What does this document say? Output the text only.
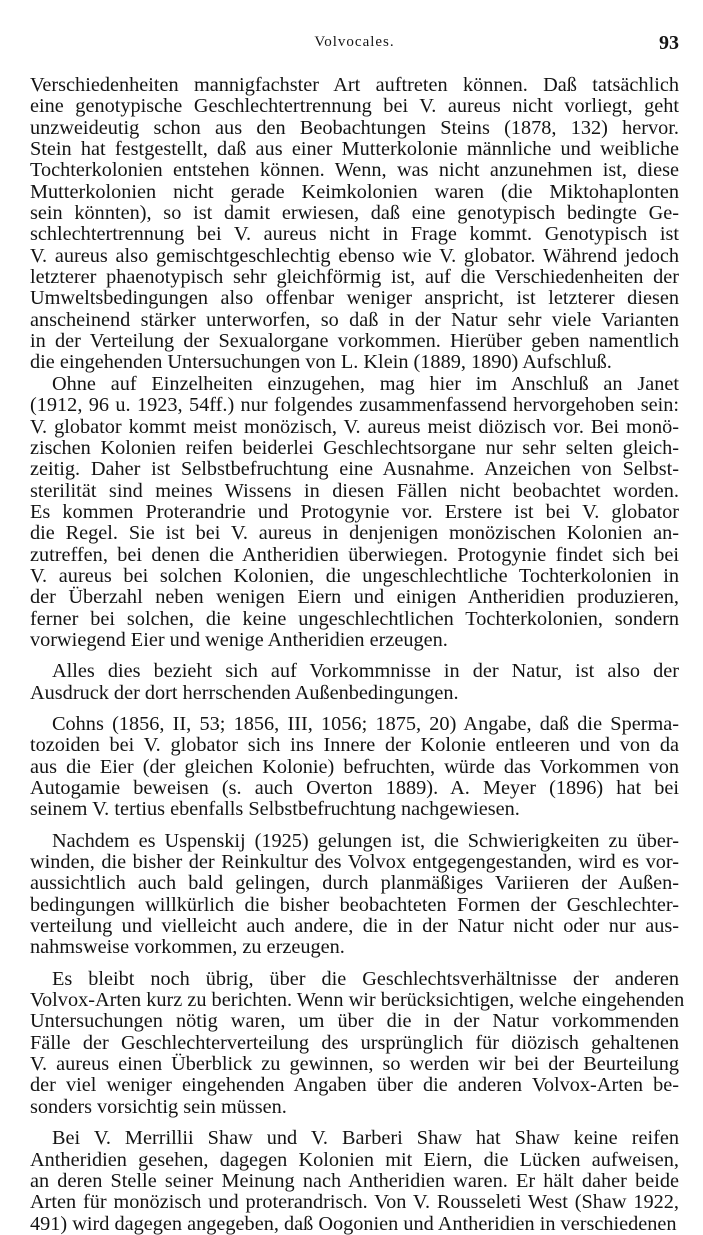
Volvocales.	93
Verschiedenheiten mannigfachster Art auftreten können. Daß tatsächlich
eine genotypische Geschlechtertrennung bei V. aureus nicht vorliegt, geht
unzweideutig schon aus den Beobachtungen Steins (1878, 132) hervor.
Stein hat festgestellt, daß aus einer Mutterkolonie männliche und weibliche
Tochterkolonien entstehen können. Wenn, was nicht anzunehmen ist, diese
Mutterkolonien nicht gerade Keimkolonien waren (die Miktohaplonten
sein könnten), so ist damit erwiesen, daß eine genotypisch bedingte Ge-
schlechtertrennung bei V. aureus nicht in Frage kommt. Genotypisch ist
V. aureus also gemischtgeschlechtig ebenso wie V. globator. Während jedoch
letzterer phaenotypisch sehr gleichförmig ist, auf die Verschiedenheiten der
Umweltsbedingungen also offenbar weniger anspricht, ist letzterer diesen
anscheinend stärker unterworfen, so daß in der Natur sehr viele Varianten
in der Verteilung der Sexualorgane vorkommen. Hierüber geben namentlich
die eingehenden Untersuchungen von L. Klein (1889, 1890) Aufschluß.
Ohne auf Einzelheiten einzugehen, mag hier im Anschluß an Janet
(1912, 96 u. 1923, 54ff.) nur folgendes zusammenfassend hervorgehoben sein:
V. globator kommt meist monözisch, V. aureus meist diözisch vor. Bei monö-
zischen Kolonien reifen beiderlei Geschlechtsorgane nur sehr selten gleich-
zeitig. Daher ist Selbstbefruchtung eine Ausnahme. Anzeichen von Selbst-
sterilität sind meines Wissens in diesen Fällen nicht beobachtet worden.
Es kommen Proterandrie und Protogynie vor. Erstere ist bei V. globator
die Regel. Sie ist bei V. aureus in denjenigen monözischen Kolonien an-
zutreffen, bei denen die Antheridien überwiegen. Protogynie findet sich bei
V. aureus bei solchen Kolonien, die ungeschlechtliche Tochterkolonien in
der Überzahl neben wenigen Eiern und einigen Antheridien produzieren,
ferner bei solchen, die keine ungeschlechtlichen Tochterkolonien, sondern
vorwiegend Eier und wenige Antheridien erzeugen.
Alles dies bezieht sich auf Vorkommnisse in der Natur, ist also der
Ausdruck der dort herrschenden Außenbedingungen.
Cohns (1856, II, 53; 1856, III, 1056; 1875, 20) Angabe, daß die Sperma-
tozoiden bei V. globator sich ins Innere der Kolonie entleeren und von da
aus die Eier (der gleichen Kolonie) befruchten, würde das Vorkommen von
Autogamie beweisen (s. auch Overton 1889). A. Meyer (1896) hat bei
seinem V. tertius ebenfalls Selbstbefruchtung nachgewiesen.
Nachdem es Uspenskij (1925) gelungen ist, die Schwierigkeiten zu über-
winden, die bisher der Reinkultur des Volvox entgegengestanden, wird es vor-
aussichtlich auch bald gelingen, durch planmäßiges Variieren der Außen-
bedingungen willkürlich die bisher beobachteten Formen der Geschlechter-
verteilung und vielleicht auch andere, die in der Natur nicht oder nur aus-
nahmsweise vorkommen, zu erzeugen.
Es bleibt noch übrig, über die Geschlechtsverhältnisse der anderen
Volvox-Arten kurz zu berichten. Wenn wir berücksichtigen, welche eingehenden
Untersuchungen nötig waren, um über die in der Natur vorkommenden
Fälle der Geschlechterverteilung des ursprünglich für diözisch gehaltenen
V. aureus einen Überblick zu gewinnen, so werden wir bei der Beurteilung
der viel weniger eingehenden Angaben über die anderen Volvox-Arten be-
sonders vorsichtig sein müssen.
Bei V. Merrillii Shaw und V. Barberi Shaw hat Shaw keine reifen
Antheridien gesehen, dagegen Kolonien mit Eiern, die Lücken aufweisen,
an deren Stelle seiner Meinung nach Antheridien waren. Er hält daher beide
Arten für monözisch und proterandrisch. Von V. Rousseleti West (Shaw 1922,
491) wird dagegen angegeben, daß Oogonien und Antheridien in verschiedenen
